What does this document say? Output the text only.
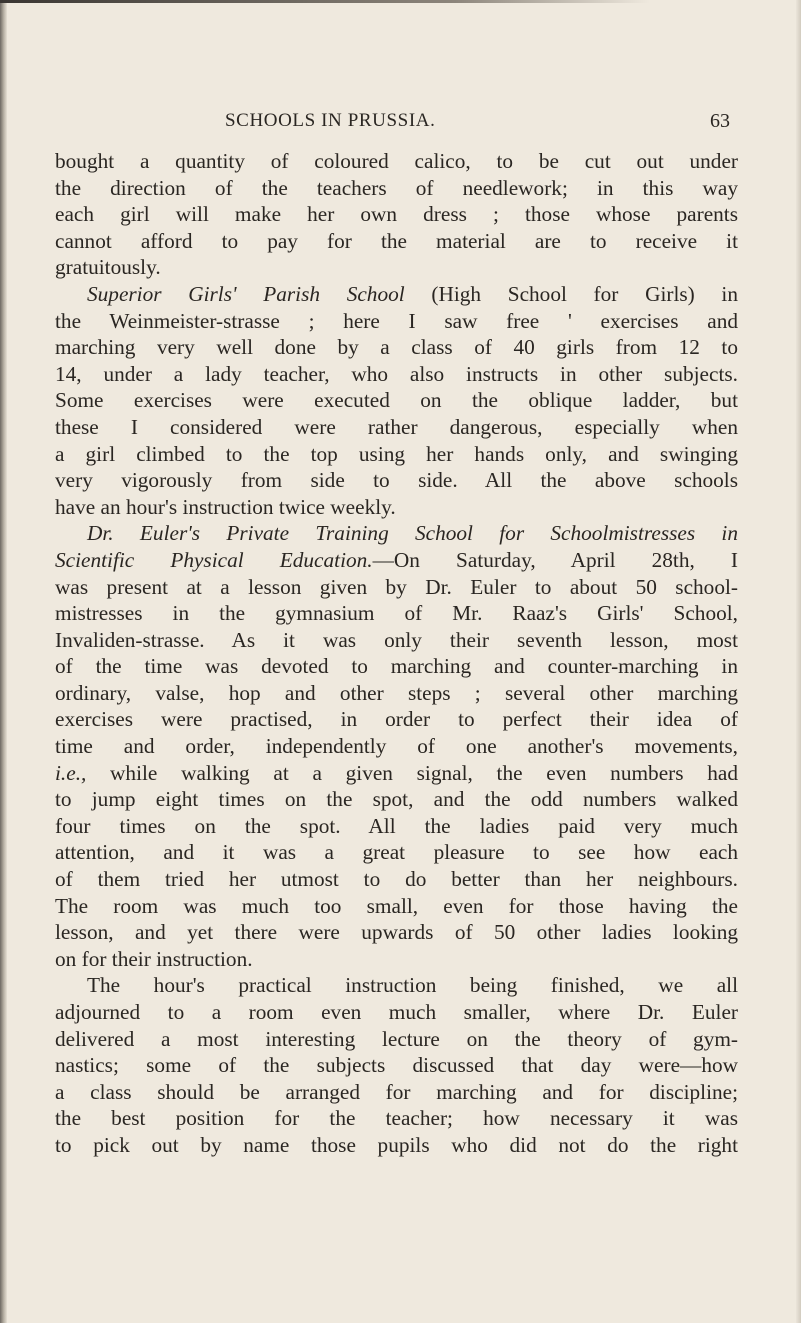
SCHOOLS IN PRUSSIA.	63
bought a quantity of coloured calico, to be cut out under
the direction of the teachers of needlework; in this way
each girl will make her own dress ; those whose parents
cannot afford to pay for the material are to receive it
gratuitously.
Superior Girls' Parish School (High School for Girls) in
the Weinmeister-strasse ; here I saw free ' exercises and
marching very well done by a class of 40 girls from 12 to
14, under a lady teacher, who also instructs in other subjects.
Some exercises were executed on the oblique ladder, but
these I considered were rather dangerous, especially when
a girl climbed to the top using her hands only, and swinging
very vigorously from side to side. All the above schools
have an hour's instruction twice weekly.
Dr. Euler's Private Training School for Schoolmistresses in
Scientific Physical Education.—On Saturday, April 28th, I
was present at a lesson given by Dr. Euler to about 50 school-
mistresses in the gymnasium of Mr. Raaz's Girls' School,
Invaliden-strasse. As it was only their seventh lesson, most
of the time was devoted to marching and counter-marching in
ordinary, valse, hop and other steps ; several other marching
exercises were practised, in order to perfect their idea of
time and order, independently of one another's movements,
i.e., while walking at a given signal, the even numbers had
to jump eight times on the spot, and the odd numbers walked
four times on the spot. All the ladies paid very much
attention, and it was a great pleasure to see how each
of them tried her utmost to do better than her neighbours.
The room was much too small, even for those having the
lesson, and yet there were upwards of 50 other ladies looking
on for their instruction.
The hour's practical instruction being finished, we all
adjourned to a room even much smaller, where Dr. Euler
delivered a most interesting lecture on the theory of gym-
nastics; some of the subjects discussed that day were—how
a class should be arranged for marching and for discipline;
the best position for the teacher; how necessary it was
to pick out by name those pupils who did not do the right
